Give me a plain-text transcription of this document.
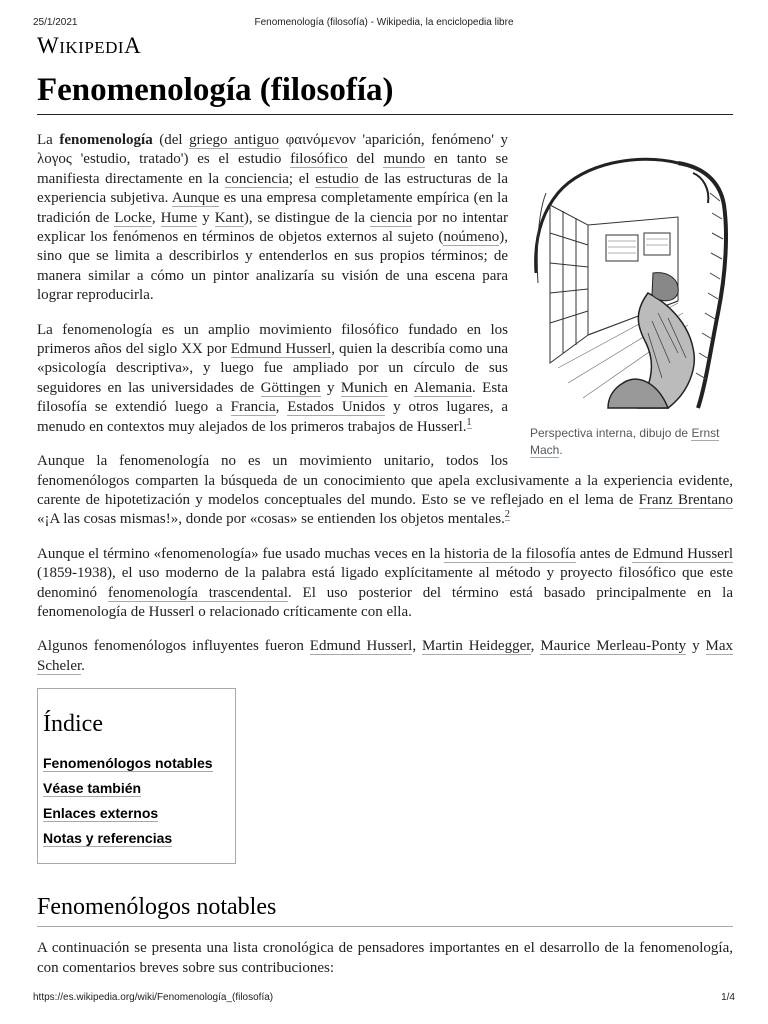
25/1/2021	Fenomenología (filosofía) - Wikipedia, la enciclopedia libre
WIKIPEDIA
Fenomenología (filosofía)
Perspectiva interna, dibujo de Ernst Mach.

La fenomenología (del griego antiguo φαινόμενον 'aparición, fenómeno' y λογος 'estudio, tratado') es el estudio filosófico del mundo en tanto se manifiesta directamente en la conciencia; el estudio de las estructuras de la experiencia subjetiva. Aunque es una empresa completamente empírica (en la tradición de Locke, Hume y Kant), se distingue de la ciencia por no intentar explicar los fenómenos en términos de objetos externos al sujeto (noúmeno), sino que se limita a describirlos y entenderlos en sus propios términos; de manera similar a cómo un pintor analizaría su visión de una escena para lograr reproducirla.

La fenomenología es un amplio movimiento filosófico fundado en los primeros años del siglo XX por Edmund Husserl, quien la describía como una «psicología descriptiva», y luego fue ampliado por un círculo de sus seguidores en las universidades de Göttingen y Munich en Alemania. Esta filosofía se extendió luego a Francia, Estados Unidos y otros lugares, a menudo en contextos muy alejados de los primeros trabajos de Husserl.$^1$

Aunque la fenomenología no es un movimiento unitario, todos los fenomenólogos comparten la búsqueda de un conocimiento que apela exclusivamente a la experiencia evidente, carente de hipotetización y modelos conceptuales del mundo. Esto se ve reflejado en el lema de Franz Brentano «¡A las cosas mismas!», donde por «cosas» se entienden los objetos mentales.$^2$

Aunque el término «fenomenología» fue usado muchas veces en la historia de la filosofía antes de Edmund Husserl (1859-1938), el uso moderno de la palabra está ligado explícitamente al método y proyecto filosófico que este denominó fenomenología trascendental. El uso posterior del término está basado principalmente en la fenomenología de Husserl o relacionado críticamente con ella.

Algunos fenomenólogos influyentes fueron Edmund Husserl, Martin Heidegger, Maurice Merleau-Ponty y Max Scheler.

Índice
Fenomenólogos notables
Véase también
Enlaces externos
Notas y referencias
Fenomenólogos notables

A continuación se presenta una lista cronológica de pensadores importantes en el desarrollo de la fenomenología, con comentarios breves sobre sus contribuciones:

https://es.wikipedia.org/wiki/Fenomenología_(filosofía)	1/4
